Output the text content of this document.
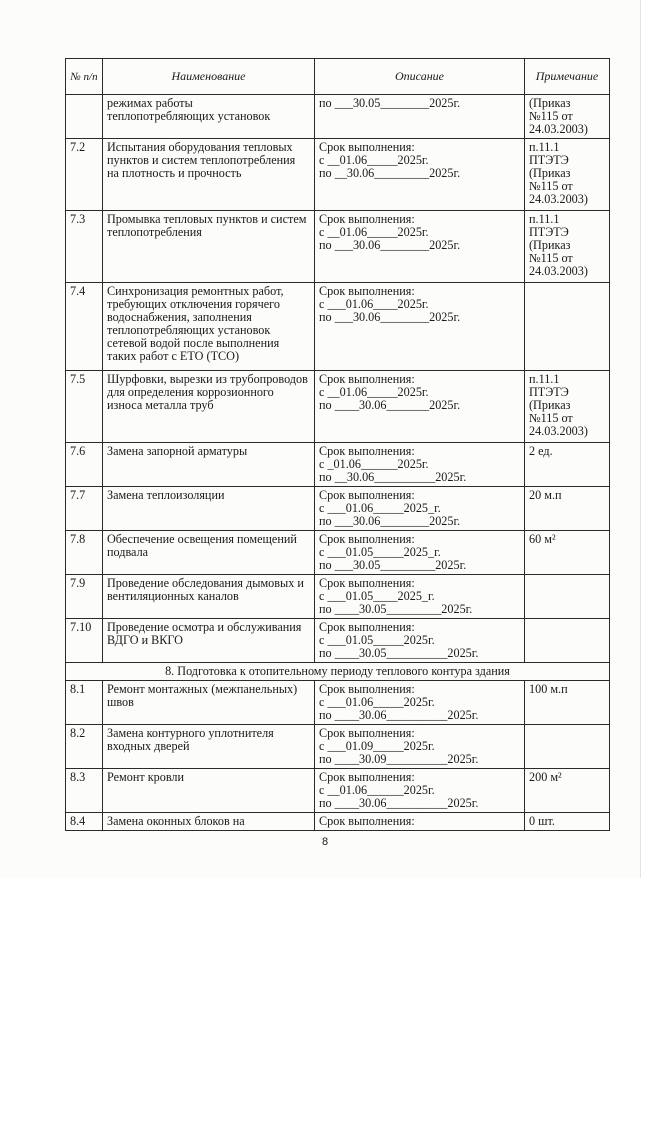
№ п/п	Наименование	Описание	Примечание

	режимах работы
теплопотребляющих установок	по ___30.05________2025г.	(Приказ
№115 от
24.03.2003)

7.2	Испытания оборудования тепловых пунктов и систем теплопотребления на плотность и прочность	Срок выполнения:
с __01.06_____2025г.
по __30.06_________2025г.	п.11.1
ПТЭТЭ
(Приказ
№115 от
24.03.2003)

7.3	Промывка тепловых пунктов и систем теплопотребления	Срок выполнения:
с __01.06_____2025г.
по ___30.06________2025г.	п.11.1
ПТЭТЭ
(Приказ
№115 от
24.03.2003)

7.4	Синхронизация ремонтных работ, требующих отключения горячего водоснабжения, заполнения теплопотребляющих установок сетевой водой после выполнения таких работ с ЕТО (ТСО)	Срок выполнения:
с ___01.06____2025г.
по ___30.06________2025г.	

7.5	Шурфовки, вырезки из трубопроводов для определения коррозионного износа металла труб	Срок выполнения:
с __01.06_____2025г.
по ____30.06_______2025г.	п.11.1
ПТЭТЭ
(Приказ
№115 от
24.03.2003)

7.6	Замена запорной арматуры	Срок выполнения:
с _01.06______2025г.
по __30.06__________2025г.	2 ед.

7.7	Замена теплоизоляции	Срок выполнения:
с ___01.06_____2025_г.
по ___30.06________2025г.	20 м.п

7.8	Обеспечение освещения помещений подвала	Срок выполнения:
с ___01.05_____2025_г.
по ___30.05_________2025г.	60 м²

7.9	Проведение обследования дымовых и вентиляционных каналов	Срок выполнения:
с ___01.05____2025_г.
по ____30.05_________2025г.	

7.10	Проведение осмотра и обслуживания ВДГО и ВКГО	Срок выполнения:
с ___01.05_____2025г.
по ____30.05__________2025г.	

8. Подготовка к отопительному периоду теплового контура здания			
8.1	Ремонт монтажных (межпанельных) швов	Срок выполнения:
с ___01.06_____2025г.
по ____30.06__________2025г.	100 м.п

8.2	Замена контурного уплотнителя входных дверей	Срок выполнения:
с ___01.09_____2025г.
по ____30.09__________2025г.	

8.3	Ремонт кровли	Срок выполнения:
с __01.06______2025г.
по ____30.06__________2025г.	200 м²

8.4	Замена оконных блоков на	Срок выполнения:	0 шт.
8
